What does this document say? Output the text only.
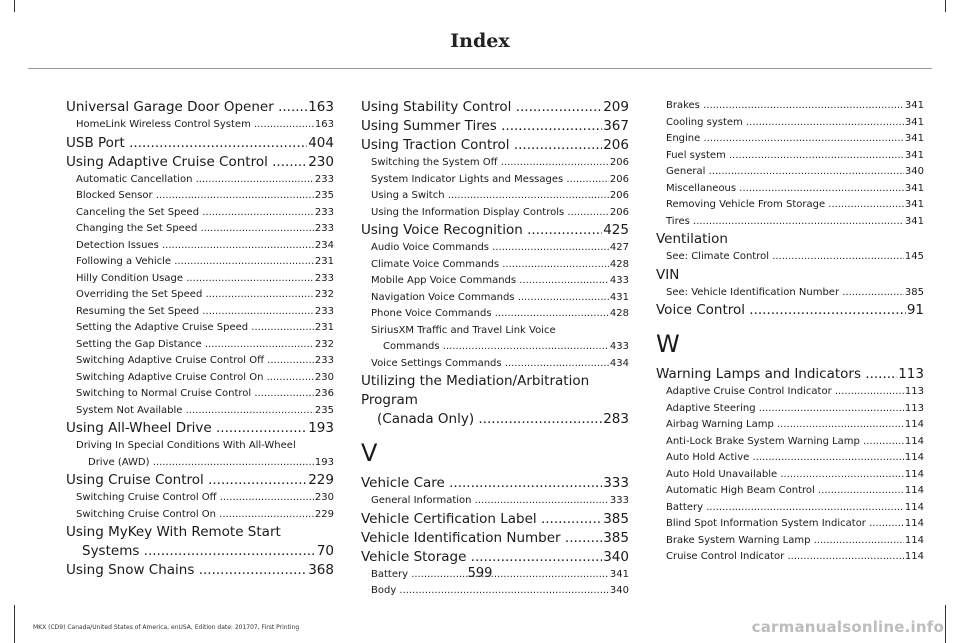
Index
Universal Garage Door Opener	163
.....
HomeLink Wireless Control System	163
.....
USB Port	404
.....
Using Adaptive Cruise Control	230
.....
Automatic Cancellation	233
.....
Blocked Sensor	235
.....
Canceling the Set Speed	233
.....
Changing the Set Speed	233
.....
Detection Issues	234
.....
Following a Vehicle	231
.....
Hilly Condition Usage	233
.....
Overriding the Set Speed	232
.....
Resuming the Set Speed	233
.....
Setting the Adaptive Cruise Speed	231
.....
Setting the Gap Distance	232
.....
Switching Adaptive Cruise Control Off	233
.....
Switching Adaptive Cruise Control On	230
.....
Switching to Normal Cruise Control	236
.....
System Not Available	235
.....
Using All-Wheel Drive	193
.....
Driving In Special Conditions With All-Wheel
Drive (AWD)	193
.....
Using Cruise Control	229
.....
Switching Cruise Control Off	230
.....
Switching Cruise Control On	229
.....
Using MyKey With Remote Start
Systems	70
.....
Using Snow Chains	368
.....
Using Stability Control	209
.....
Using Summer Tires	367
.....
Using Traction Control	206
.....
Switching the System Off	206
.....
System Indicator Lights and Messages	206
.....
Using a Switch	206
.....
Using the Information Display Controls	206
.....
Using Voice Recognition	425
.....
Audio Voice Commands	427
.....
Climate Voice Commands	428
.....
Mobile App Voice Commands	433
.....
Navigation Voice Commands	431
.....
Phone Voice Commands	428
.....
SiriusXM Traffic and Travel Link Voice
Commands	433
.....
Voice Settings Commands	434
.....
Utilizing the Mediation/Arbitration Program
(Canada Only)	283
.....
V
Vehicle Care	333
.....
General Information	333
.....
Vehicle Certification Label	385
.....
Vehicle Identification Number	385
.....
Vehicle Storage	340
.....
Battery	341
.....
Body	340
.....
Brakes	341
.....
Cooling system	341
.....
Engine	341
.....
Fuel system	341
.....
General	340
.....
Miscellaneous	341
.....
Removing Vehicle From Storage	341
.....
Tires	341
.....
Ventilation
See: Climate Control	145
.....
VIN
See: Vehicle Identification Number	385
.....
Voice Control	91
.....
W
Warning Lamps and Indicators	113
.....
Adaptive Cruise Control Indicator	113
.....
Adaptive Steering	113
.....
Airbag Warning Lamp	114
.....
Anti-Lock Brake System Warning Lamp	114
.....
Auto Hold Active	114
.....
Auto Hold Unavailable	114
.....
Automatic High Beam Control	114
.....
Battery	114
.....
Blind Spot Information System Indicator	114
.....
Brake System Warning Lamp	114
.....
Cruise Control Indicator	114
.....
599
MKX (CD9) Canada/United States of America, enUSA, Edition date: 201707, First Printing	carmanualsonline.info
